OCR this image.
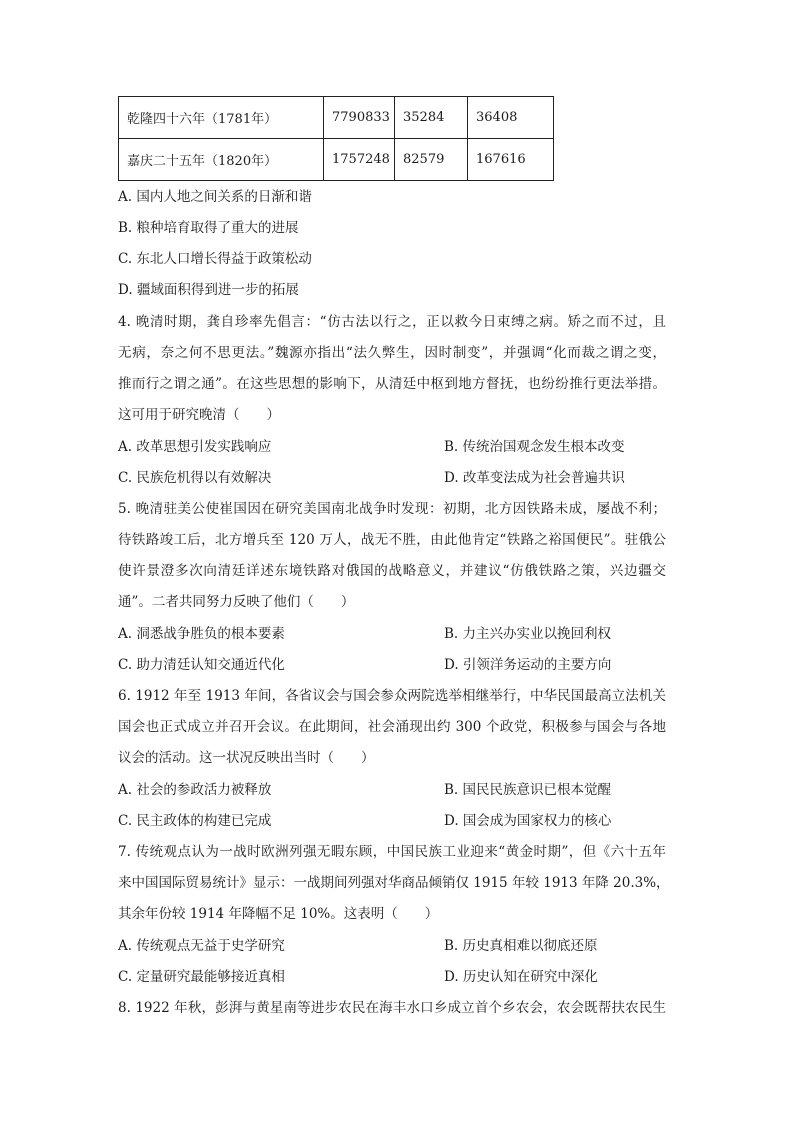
乾隆四十六年（1781年）	7790833	35284	36408
嘉庆二十五年（1820年）	1757248	82579	167616
A. 国内人地之间关系的日渐和谐
B. 粮种培育取得了重大的进展
C. 东北人口增长得益于政策松动
D. 疆域面积得到进一步的拓展
4. 晚清时期，龚自珍率先倡言：“仿古法以行之，正以救今日束缚之病。矫之而不过，且
无病，奈之何不思更法。”魏源亦指出“法久弊生，因时制变”，并强调“化而裁之谓之变，
推而行之谓之通”。在这些思想的影响下，从清廷中枢到地方督抚，也纷纷推行更法举措。
这可用于研究晚清（　　）
A. 改革思想引发实践响应	B. 传统治国观念发生根本改变
C. 民族危机得以有效解决	D. 改革变法成为社会普遍共识
5. 晚清驻美公使崔国因在研究美国南北战争时发现：初期，北方因铁路未成，屡战不利；
待铁路竣工后，北方增兵至 120 万人，战无不胜，由此他肯定“铁路之裕国便民”。驻俄公
使许景澄多次向清廷详述东境铁路对俄国的战略意义，并建议“仿俄铁路之策，兴边疆交
通”。二者共同努力反映了他们（　　）
A. 洞悉战争胜负的根本要素	B. 力主兴办实业以挽回利权
C. 助力清廷认知交通近代化	D. 引领洋务运动的主要方向
6. 1912 年至 1913 年间，各省议会与国会参众两院选举相继举行，中华民国最高立法机关
国会也正式成立并召开会议。在此期间，社会涌现出约 300 个政党，积极参与国会与各地
议会的活动。这一状况反映出当时（　　）
A. 社会的参政活力被释放	B. 国民民族意识已根本觉醒
C. 民主政体的构建已完成	D. 国会成为国家权力的核心
7. 传统观点认为一战时欧洲列强无暇东顾，中国民族工业迎来“黄金时期”，但《六十五年
来中国国际贸易统计》显示：一战期间列强对华商品倾销仅 1915 年较 1913 年降 20.3%，
其余年份较 1914 年降幅不足 10%。这表明（　　）
A. 传统观点无益于史学研究	B. 历史真相难以彻底还原
C. 定量研究最能够接近真相	D. 历史认知在研究中深化
8. 1922 年秋，彭湃与黄星南等进步农民在海丰水口乡成立首个乡农会，农会既帮扶农民生
